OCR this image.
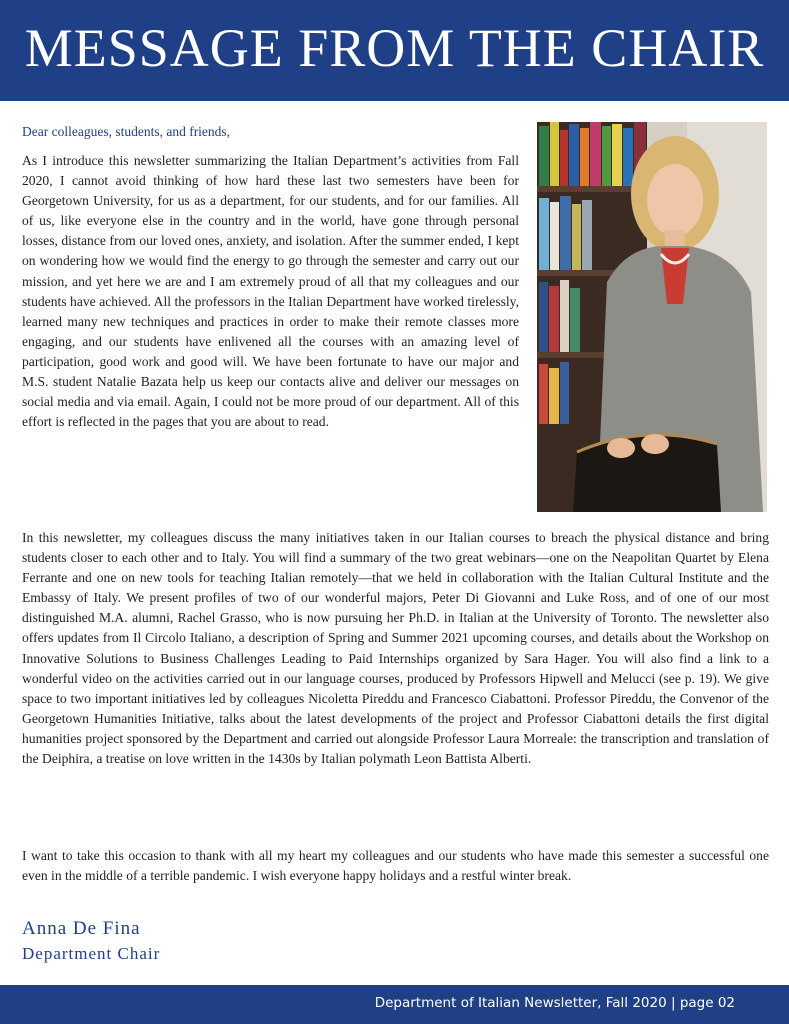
MESSAGE FROM THE CHAIR
Dear colleagues, students, and friends,

As I introduce this newsletter summarizing the Italian Department’s activities from Fall 2020, I cannot avoid thinking of how hard these last two semesters have been for Georgetown University, for us as a department, for our students, and for our families. All of us, like everyone else in the country and in the world, have gone through personal losses, distance from our loved ones, anxiety, and isolation. After the summer ended, I kept on wondering how we would find the energy to go through the semester and carry out our mission, and yet here we are and I am extremely proud of all that my colleagues and our students have achieved. All the professors in the Italian Department have worked tirelessly, learned many new techniques and practices in order to make their remote classes more engaging, and our students have enlivened all the courses with an amazing level of participation, good work and good will. We have been fortunate to have our major and M.S. student Natalie Bazata help us keep our contacts alive and deliver our messages on social media and via email. Again, I could not be more proud of our department. All of this effort is reflected in the pages that you are about to read.

In this newsletter, my colleagues discuss the many initiatives taken in our Italian courses to breach the physical distance and bring students closer to each other and to Italy. You will find a summary of the two great webinars—one on the Neapolitan Quartet by Elena Ferrante and one on new tools for teaching Italian remotely—that we held in collaboration with the Italian Cultural Institute and the Embassy of Italy. We present profiles of two of our wonderful majors, Peter Di Giovanni and Luke Ross, and of one of our most distinguished M.A. alumni, Rachel Grasso, who is now pursuing her Ph.D. in Italian at the University of Toronto. The newsletter also offers updates from Il Circolo Italiano, a description of Spring and Summer 2021 upcoming courses, and details about the Workshop on Innovative Solutions to Business Challenges Leading to Paid Internships organized by Sara Hager. You will also find a link to a wonderful video on the activities carried out in our language courses, produced by Professors Hipwell and Melucci (see p. 19). We give space to two important initiatives led by colleagues Nicoletta Pireddu and Francesco Ciabattoni. Professor Pireddu, the Convenor of the Georgetown Humanities Initiative, talks about the latest developments of the project and Professor Ciabattoni details the first digital humanities project sponsored by the Department and carried out alongside Professor Laura Morreale: the transcription and translation of the Deiphira, a treatise on love written in the 1430s by Italian polymath Leon Battista Alberti.

I want to take this occasion to thank with all my heart my colleagues and our students who have made this semester a successful one even in the middle of a terrible pandemic. I wish everyone happy holidays and a restful winter break.

Anna De Fina
Department Chair
Department of Italian Newsletter, Fall 2020 | page 02
